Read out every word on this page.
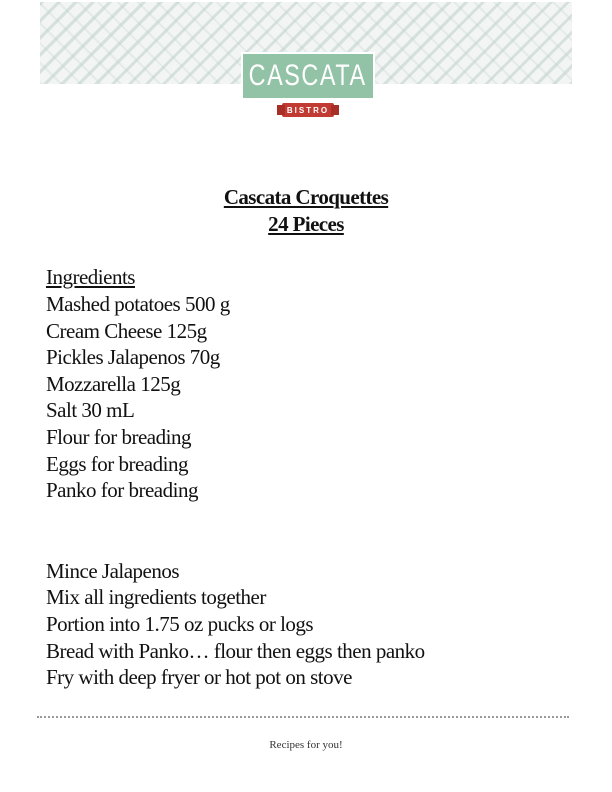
CASCATA
BISTRO
Cascata Croquettes
24 Pieces
Ingredients
Mashed potatoes 500 g
Cream Cheese 125g
Pickles Jalapenos 70g
Mozzarella 125g
Salt 30 mL
Flour for breading
Eggs for breading
Panko for breading
Mince Jalapenos
Mix all ingredients together
Portion into 1.75 oz pucks or logs
Bread with Panko… flour then eggs then panko
Fry with deep fryer or hot pot on stove
Recipes for you!
